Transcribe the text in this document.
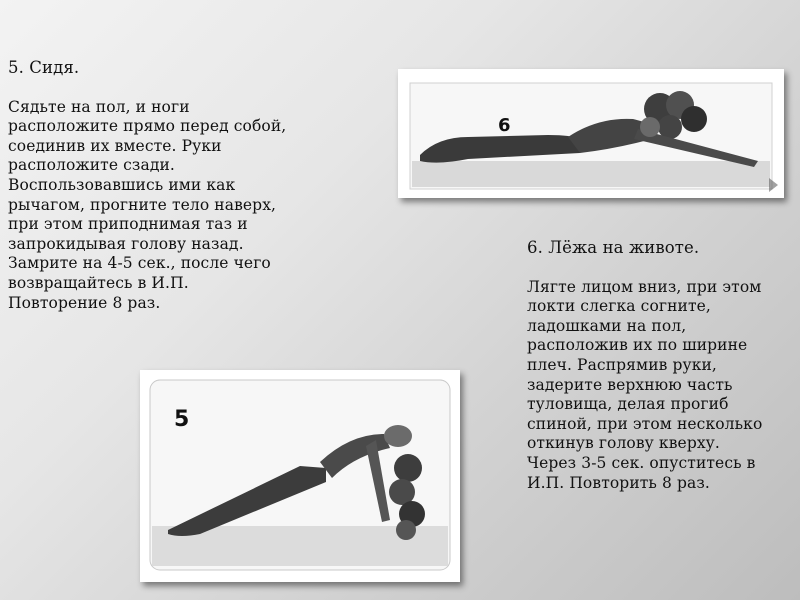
5. Сидя.

Сядьте на пол, и ноги
расположите прямо перед собой,
соединив их вместе. Руки
расположите сзади.
Воспользовавшись ими как
рычагом, прогните тело наверх,
при этом приподнимая таз и
запрокидывая голову назад.
Замрите на 4-5 сек., после чего
возвращайтесь в И.П.
Повторение 8 раз.

6. Лёжа на животе.

Лягте лицом вниз, при этом
локти слегка согните,
ладошками на пол,
расположив их по ширине
плеч. Распрямив руки,
задерите верхнюю часть
туловища, делая прогиб
спиной, при этом несколько
откинув голову кверху.
Через 3-5 сек. опуститесь в
И.П. Повторить 8 раз.

6
5
